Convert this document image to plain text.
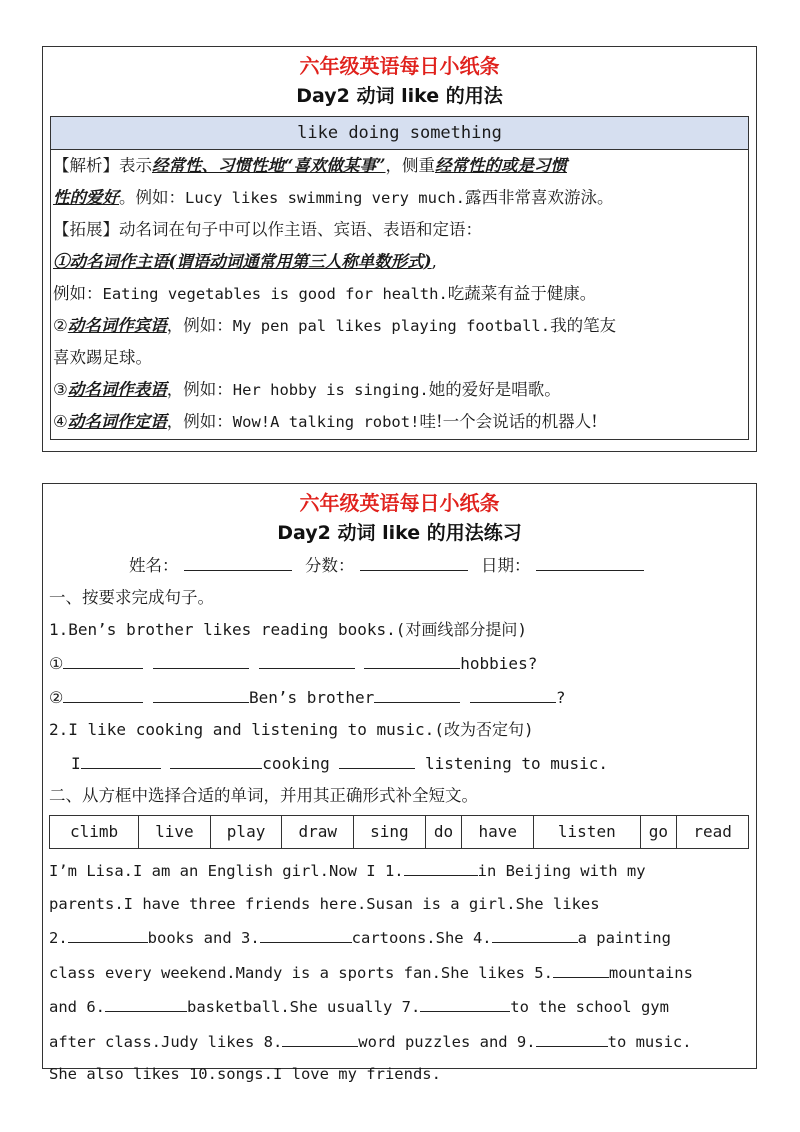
六年级英语每日小纸条
Day2 动词 like 的用法
like doing something

【解析】表示经常性、习惯性地“喜欢做某事”，侧重经常性的或是习惯

性的爱好。例如：Lucy likes swimming very much.露西非常喜欢游泳。

【拓展】动名词在句子中可以作主语、宾语、表语和定语：

①动名词作主语(谓语动词通常用第三人称单数形式),

例如：Eating vegetables is good for health.吃蔬菜有益于健康。

②动名词作宾语，例如：My pen pal likes playing football.我的笔友

喜欢踢足球。

③动名词作表语，例如：Her hobby is singing.她的爱好是唱歌。

④动名词作定语，例如：Wow!A talking robot!哇!一个会说话的机器人!

六年级英语每日小纸条
Day2 动词 like 的用法练习

姓名：	分数：	日期：

一、按要求完成句子。

1.Ben’s brother likes reading books.(对画线部分提问)

①	hobbies?

②	Ben’s brother	?

2.I like cooking and listening to music.(改为否定句)

I	cooking	listening to music.

二、从方框中选择合适的单词，并用其正确形式补全短文。

climb	live	play	draw	sing	do	have	listen	go	read
I’m Lisa.I am an English girl.Now I 1.	in Beijing with my
parents.I have three friends here.Susan is a girl.She likes
2.	books and 3.	cartoons.She 4.	a painting
class every weekend.Mandy is a sports fan.She likes 5.	mountains
and 6.	basketball.She usually 7.	to the school gym
after class.Judy likes 8.	word puzzles and 9.	to music.
She also likes 10.songs.I love my friends.
